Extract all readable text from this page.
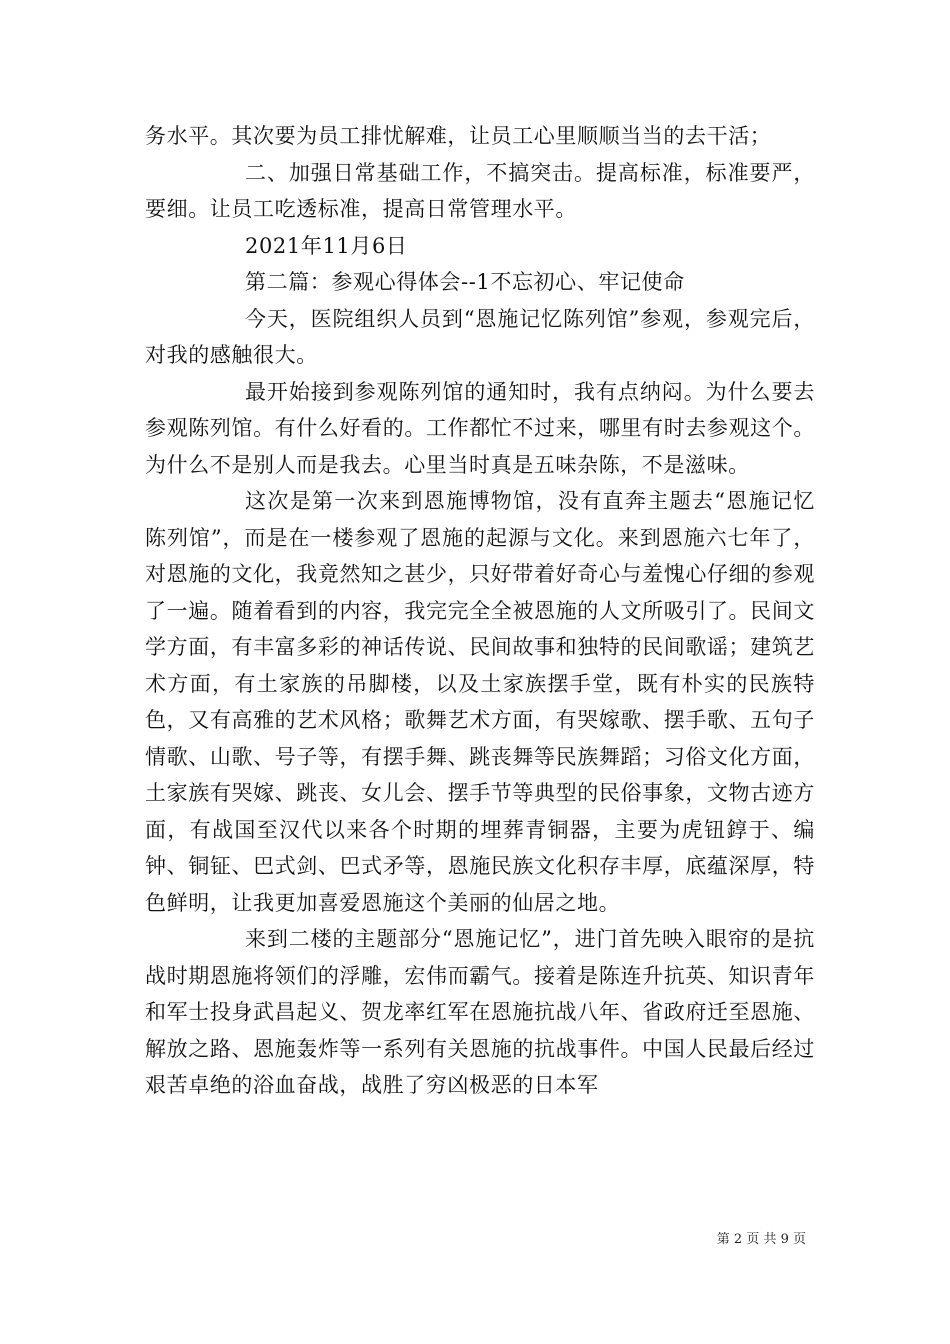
务水平。其次要为员工排忧解难，让员工心里顺顺当当的去干活；

二、加强日常基础工作，不搞突击。提高标准，标准要严，要细。让员工吃透标准，提高日常管理水平。

2021年11月6日

第二篇：参观心得体会--1不忘初心、牢记使命

今天，医院组织人员到“恩施记忆陈列馆”参观，参观完后，对我的感触很大。

最开始接到参观陈列馆的通知时，我有点纳闷。为什么要去参观陈列馆。有什么好看的。工作都忙不过来，哪里有时去参观这个。为什么不是别人而是我去。心里当时真是五味杂陈，不是滋味。

这次是第一次来到恩施博物馆，没有直奔主题去“恩施记忆陈列馆”，而是在一楼参观了恩施的起源与文化。来到恩施六七年了，对恩施的文化，我竟然知之甚少，只好带着好奇心与羞愧心仔细的参观了一遍。随着看到的内容，我完完全全被恩施的人文所吸引了。民间文学方面，有丰富多彩的神话传说、民间故事和独特的民间歌谣；建筑艺术方面，有土家族的吊脚楼，以及土家族摆手堂，既有朴实的民族特色，又有高雅的艺术风格；歌舞艺术方面，有哭嫁歌、摆手歌、五句子情歌、山歌、号子等，有摆手舞、跳丧舞等民族舞蹈；习俗文化方面，土家族有哭嫁、跳丧、女儿会、摆手节等典型的民俗事象，文物古迹方面，有战国至汉代以来各个时期的埋葬青铜器，主要为虎钮錞于、编钟、铜钲、巴式剑、巴式矛等，恩施民族文化积存丰厚，底蕴深厚，特色鲜明，让我更加喜爱恩施这个美丽的仙居之地。

来到二楼的主题部分“恩施记忆”，进门首先映入眼帘的是抗战时期恩施将领们的浮雕，宏伟而霸气。接着是陈连升抗英、知识青年和军士投身武昌起义、贺龙率红军在恩施抗战八年、省政府迁至恩施、解放之路、恩施轰炸等一系列有关恩施的抗战事件。中国人民最后经过艰苦卓绝的浴血奋战，战胜了穷凶极恶的日本军

第 2 页 共 9 页
